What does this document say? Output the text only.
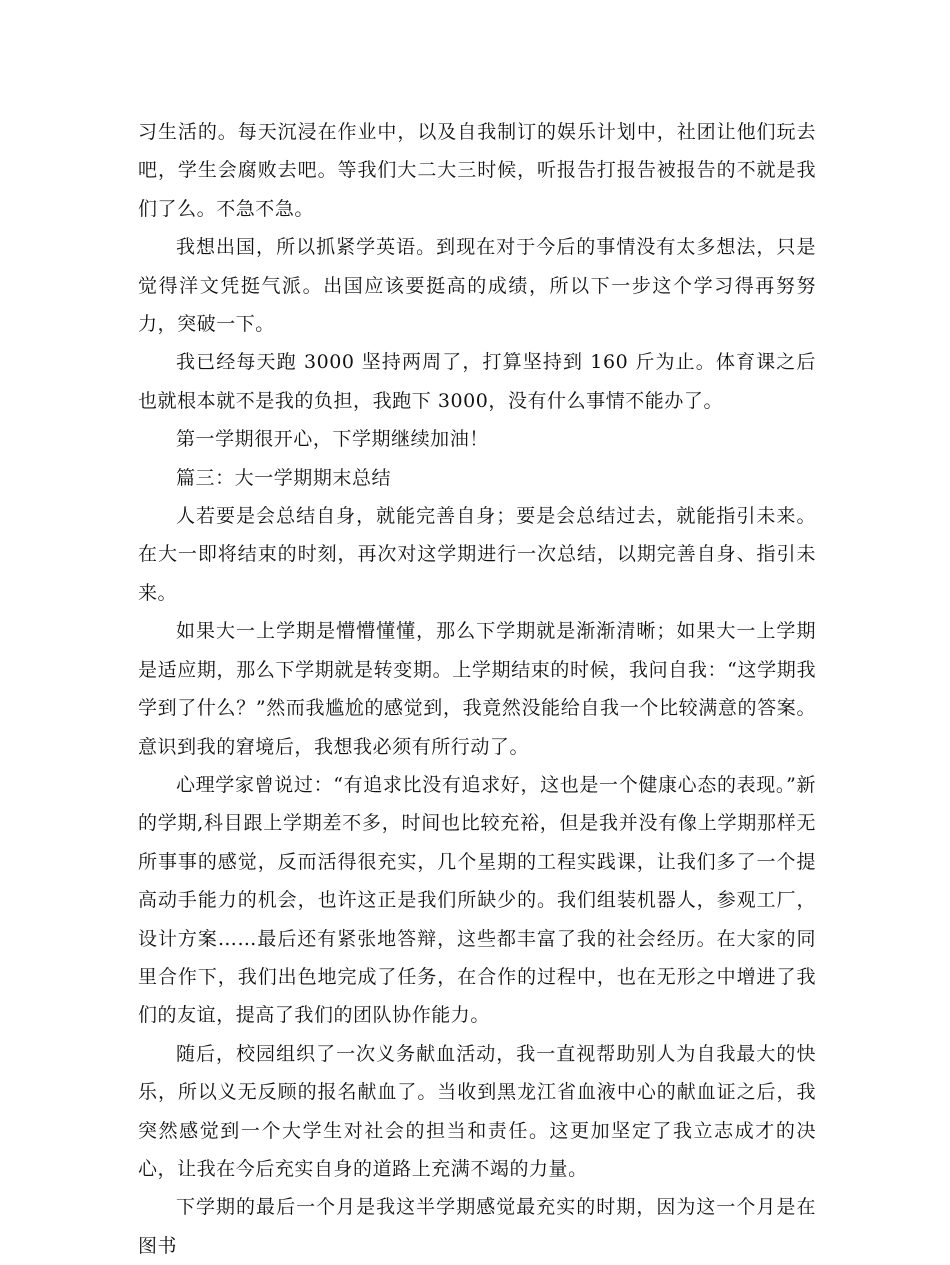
习生活的。每天沉浸在作业中，以及自我制订的娱乐计划中，社团让他们玩去吧，学生会腐败去吧。等我们大二大三时候，听报告打报告被报告的不就是我们了么。不急不急。

我想出国，所以抓紧学英语。到现在对于今后的事情没有太多想法，只是觉得洋文凭挺气派。出国应该要挺高的成绩，所以下一步这个学习得再努努力，突破一下。

我已经每天跑 3000 坚持两周了，打算坚持到 160 斤为止。体育课之后也就根本就不是我的负担，我跑下 3000，没有什么事情不能办了。

第一学期很开心，下学期继续加油！

篇三：大一学期期末总结

人若要是会总结自身，就能完善自身；要是会总结过去，就能指引未来。在大一即将结束的时刻，再次对这学期进行一次总结，以期完善自身、指引未来。

如果大一上学期是懵懵懂懂，那么下学期就是渐渐清晰；如果大一上学期是适应期，那么下学期就是转变期。上学期结束的时候，我问自我：“这学期我学到了什么？”然而我尴尬的感觉到，我竟然没能给自我一个比较满意的答案。意识到我的窘境后，我想我必须有所行动了。

心理学家曾说过：“有追求比没有追求好，这也是一个健康心态的表现。”新的学期,科目跟上学期差不多，时间也比较充裕，但是我并没有像上学期那样无所事事的感觉，反而活得很充实，几个星期的工程实践课，让我们多了一个提高动手能力的机会，也许这正是我们所缺少的。我们组装机器人，参观工厂，设计方案……最后还有紧张地答辩，这些都丰富了我的社会经历。在大家的同里合作下，我们出色地完成了任务，在合作的过程中，也在无形之中增进了我们的友谊，提高了我们的团队协作能力。

随后，校园组织了一次义务献血活动，我一直视帮助别人为自我最大的快乐，所以义无反顾的报名献血了。当收到黑龙江省血液中心的献血证之后，我突然感觉到一个大学生对社会的担当和责任。这更加坚定了我立志成才的决心，让我在今后充实自身的道路上充满不竭的力量。

下学期的最后一个月是我这半学期感觉最充实的时期，因为这一个月是在图书
